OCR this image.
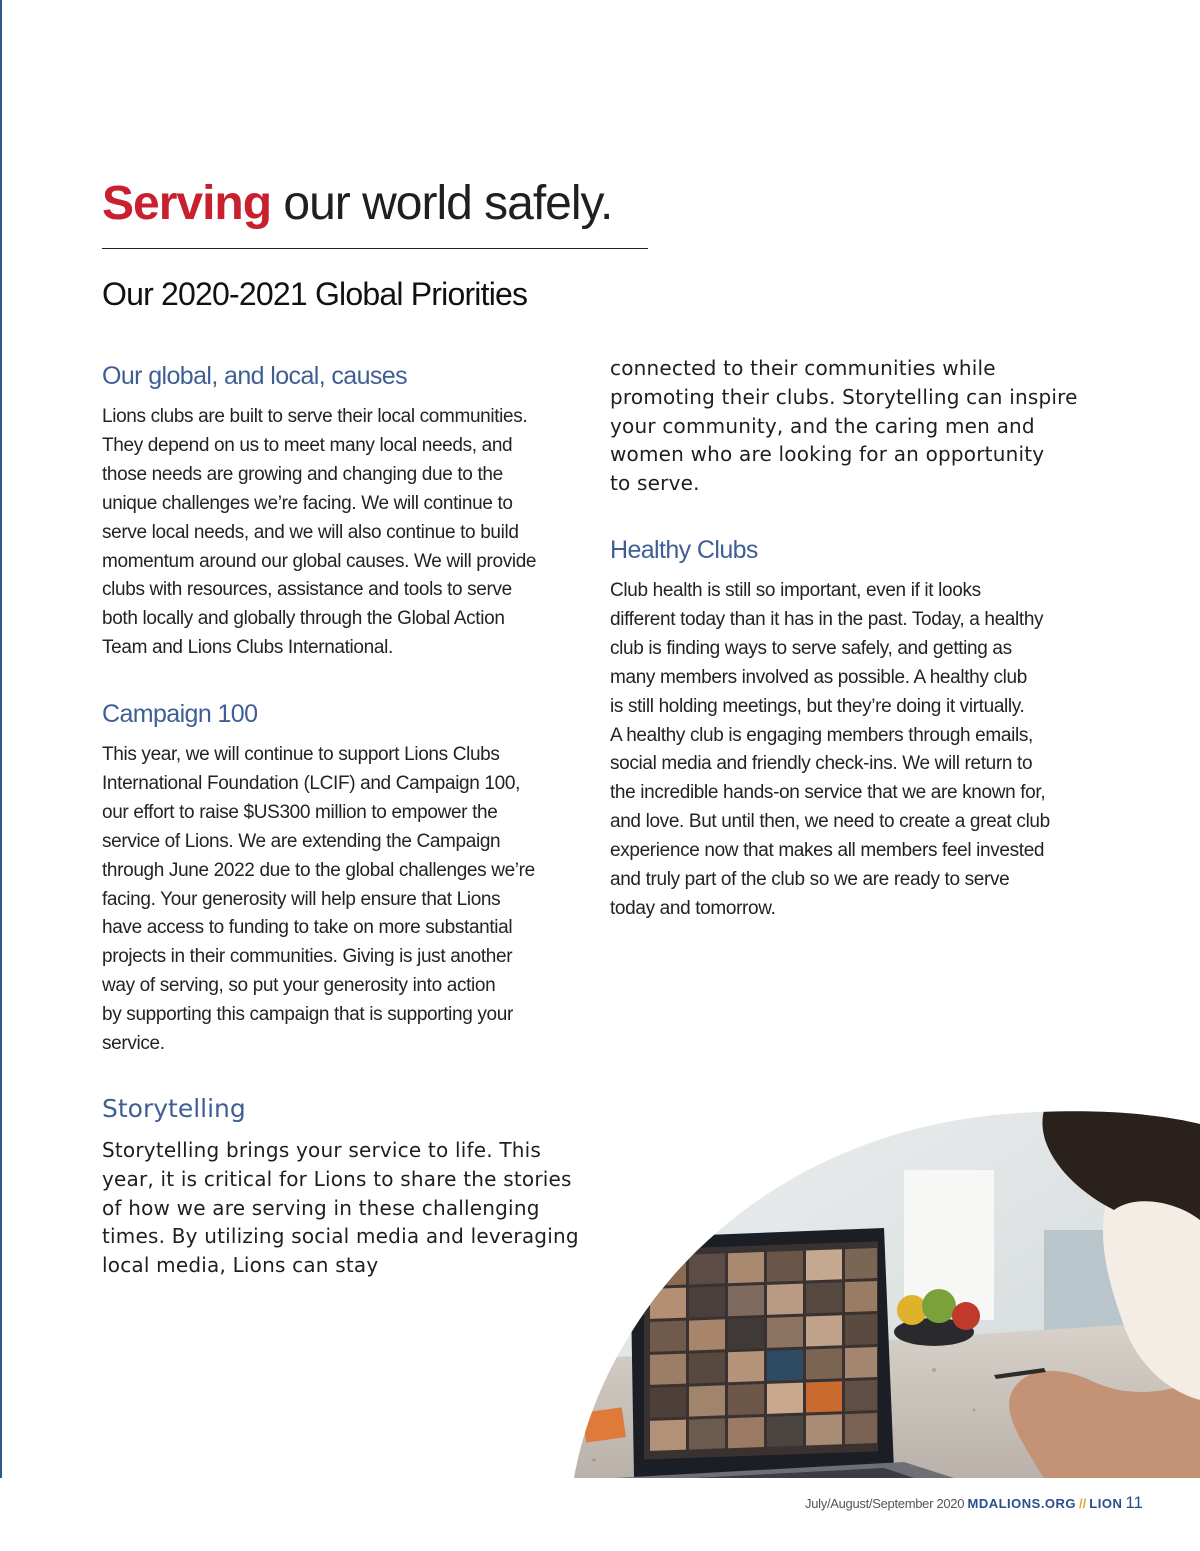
Serving our world safely.
Our 2020-2021 Global Priorities
Our global, and local, causes
Lions clubs are built to serve their local communities.
They depend on us to meet many local needs, and
those needs are growing and changing due to the
unique challenges we’re facing. We will continue to
serve local needs, and we will also continue to build
momentum around our global causes. We will provide
clubs with resources, assistance and tools to serve
both locally and globally through the Global Action
Team and Lions Clubs International.
Campaign 100
This year, we will continue to support Lions Clubs
International Foundation (LCIF) and Campaign 100,
our effort to raise $US300 million to empower the
service of Lions. We are extending the Campaign
through June 2022 due to the global challenges we’re
facing. Your generosity will help ensure that Lions
have access to funding to take on more substantial
projects in their communities. Giving is just another
way of serving, so put your generosity into action
by supporting this campaign that is supporting your
service.
Storytelling
Storytelling brings your service to life. This
year, it is critical for Lions to share the stories
of how we are serving in these challenging
times. By utilizing social media and leveraging
local media, Lions can stay
connected to their communities while
promoting their clubs. Storytelling can inspire
your community, and the caring men and
women who are looking for an opportunity
to serve.
Healthy Clubs
Club health is still so important, even if it looks
different today than it has in the past. Today, a healthy
club is finding ways to serve safely, and getting as
many members involved as possible. A healthy club
is still holding meetings, but they’re doing it virtually.
A healthy club is engaging members through emails,
social media and friendly check-ins. We will return to
the incredible hands-on service that we are known for,
and love. But until then, we need to create a great club
experience now that makes all members feel invested
and truly part of the club so we are ready to serve
today and tomorrow.
July/August/September 2020 MDALIONS.ORG // LION 11
